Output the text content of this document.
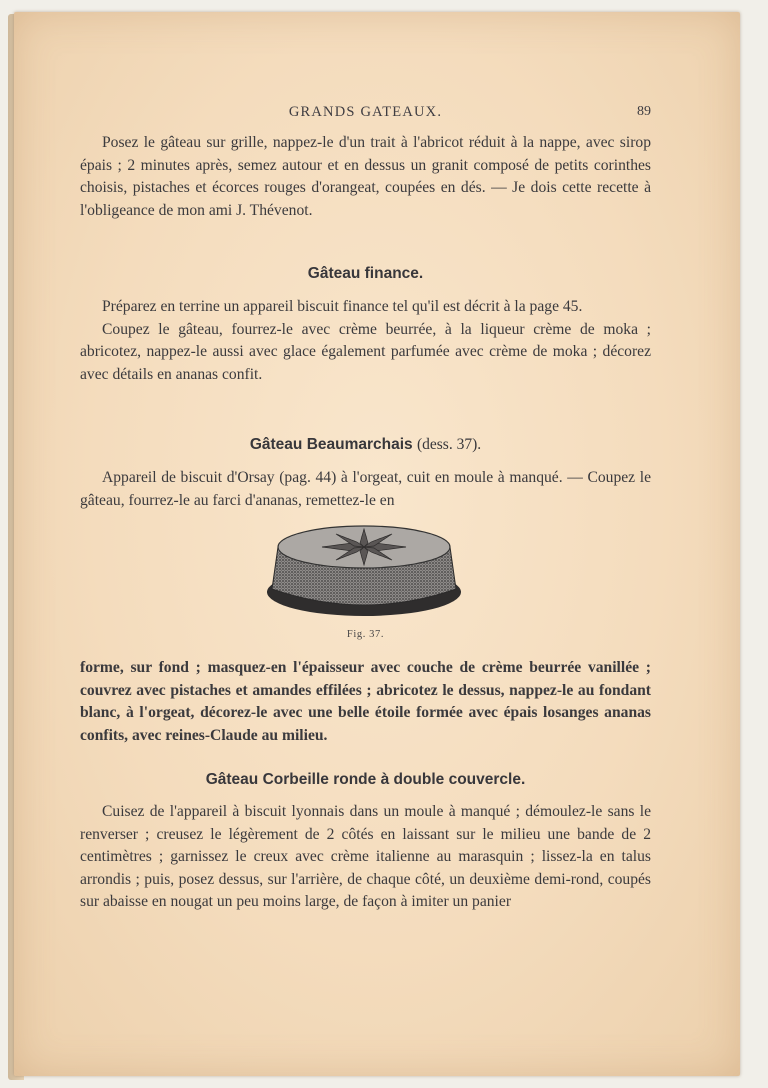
GRANDS GATEAUX.	89

Posez le gâteau sur grille, nappez-le d'un trait à l'abricot réduit à la nappe, avec sirop épais ; 2 minutes après, semez autour et en dessus un granit composé de petits corinthes choisis, pistaches et écorces rouges d'orangeat, coupées en dés. — Je dois cette recette à l'obligeance de mon ami J. Thévenot.

Gâteau finance.

Préparez en terrine un appareil biscuit finance tel qu'il est décrit à la page 45.

Coupez le gâteau, fourrez-le avec crème beurrée, à la liqueur crème de moka ; abricotez, nappez-le aussi avec glace également parfumée avec crème de moka ; décorez avec détails en ananas confit.

Gâteau Beaumarchais (dess. 37).

Appareil de biscuit d'Orsay (pag. 44) à l'orgeat, cuit en moule à manqué. — Coupez le gâteau, fourrez-le au farci d'ananas, remettez-le en

Fig. 37.

forme, sur fond ; masquez-en l'épaisseur avec couche de crème beurrée vanillée ; couvrez avec pistaches et amandes effilées ; abricotez le dessus, nappez-le au fondant blanc, à l'orgeat, décorez-le avec une belle étoile formée avec épais losanges ananas confits, avec reines-Claude au milieu.

Gâteau Corbeille ronde à double couvercle.

Cuisez de l'appareil à biscuit lyonnais dans un moule à manqué ; démoulez-le sans le renverser ; creusez le légèrement de 2 côtés en laissant sur le milieu une bande de 2 centimètres ; garnissez le creux avec crème italienne au marasquin ; lissez-la en talus arrondis ; puis, posez dessus, sur l'arrière, de chaque côté, un deuxième demi-rond, coupés sur abaisse en nougat un peu moins large, de façon à imiter un panier
